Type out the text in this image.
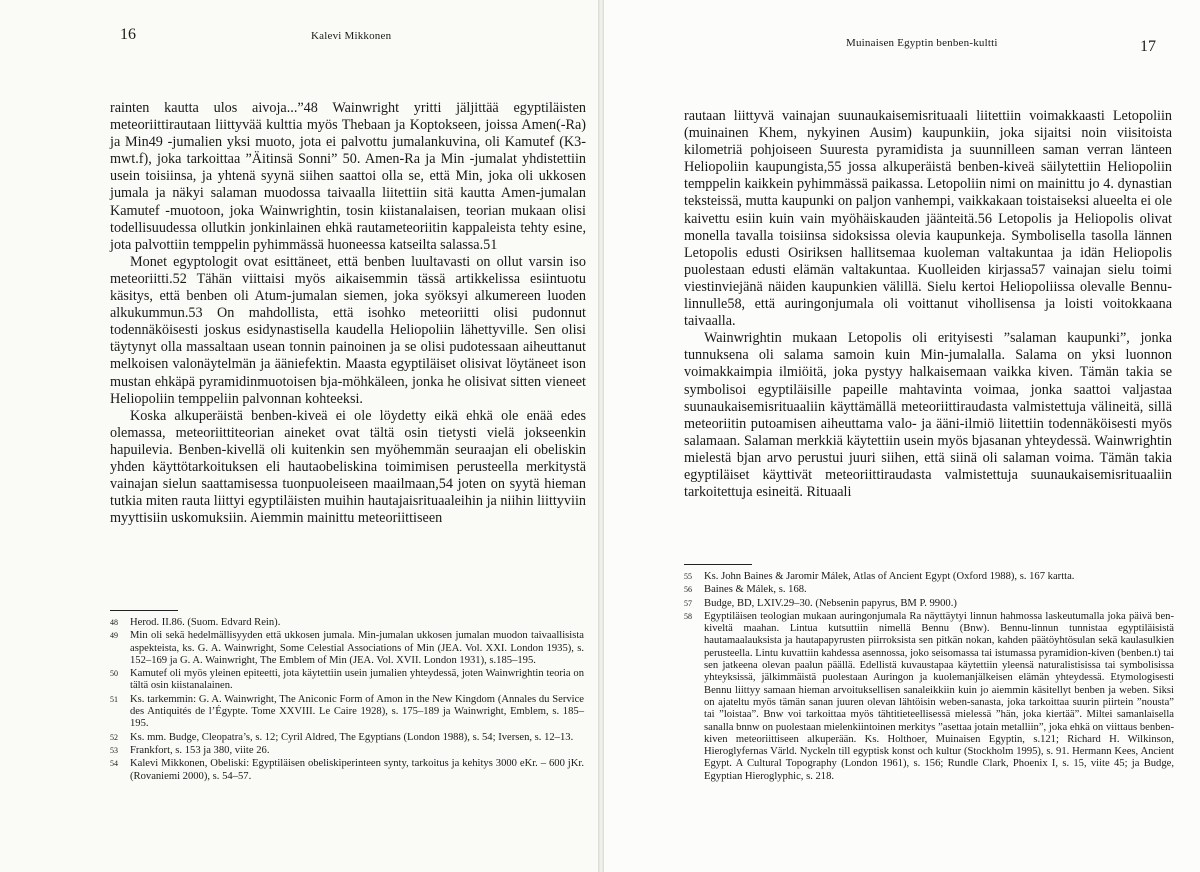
16	Kalevi Mikkonen

rainten kautta ulos aivoja...”48 Wainwright yritti jäljittää egyptiläisten meteoriittirautaan liittyvää kulttia myös Thebaan ja Koptokseen, joissa Amen(-Ra) ja Min49 -jumalien yksi muoto, jota ei palvottu jumalankuvina, oli Kamutef (K3-mwt.f), joka tarkoittaa ”Äitinsä Sonni” 50. Amen-Ra ja Min -jumalat yhdistettiin usein toisiinsa, ja yhtenä syynä siihen saattoi olla se, että Min, joka oli ukkosen jumala ja näkyi salaman muodossa taivaalla liitettiin sitä kautta Amen-jumalan Kamutef -muotoon, joka Wainwrightin, tosin kiistanalaisen, teorian mukaan olisi todellisuudessa ollutkin jonkinlainen ehkä rautameteoriitin kappaleista tehty esine, jota palvottiin temppelin pyhimmässä huoneessa katseilta salassa.51

Monet egyptologit ovat esittäneet, että benben luultavasti on ollut varsin iso meteoriitti.52 Tähän viittaisi myös aikaisemmin tässä artikkelissa esiintuotu käsitys, että benben oli Atum-jumalan siemen, joka syöksyi alkumereen luoden alkukummun.53 On mahdollista, että isohko meteoriitti olisi pudonnut todennäköisesti joskus esidynastisella kaudella Heliopoliin lähettyville. Sen olisi täytynyt olla massaltaan usean tonnin painoinen ja se olisi pudotessaan aiheuttanut melkoisen valonäytelmän ja ääniefektin. Maasta egyptiläiset olisivat löytäneet ison mustan ehkäpä pyramidinmuotoisen bja-möhkäleen, jonka he olisivat sitten vieneet Heliopoliin temppeliin palvonnan kohteeksi.

Koska alkuperäistä benben-kiveä ei ole löydetty eikä ehkä ole enää edes olemassa, meteoriittiteorian aineket ovat tältä osin tietysti vielä jokseenkin hapuilevia. Benben-kivellä oli kuitenkin sen myöhemmän seuraajan eli obeliskin yhden käyttötarkoituksen eli hautaobeliskina toimimisen perusteella merkitystä vainajan sielun saattamisessa tuonpuoleiseen maailmaan,54 joten on syytä hieman tutkia miten rauta liittyi egyptiläisten muihin hautajaisrituaaleihin ja niihin liittyviin myyttisiin uskomuksiin. Aiemmin mainittu meteoriittiseen

48 Herod. II.86. (Suom. Edvard Rein).
49 Min oli sekä hedelmällisyyden että ukkosen jumala. Min-jumalan ukkosen jumalan muodon taivaallisista aspekteista, ks. G. A. Wainwright, Some Celestial Associations of Min (JEA. Vol. XXI. London 1935), s. 152–169 ja G. A. Wainwright, The Emblem of Min (JEA. Vol. XVII. London 1931), s.185–195.
50 Kamutef oli myös yleinen epiteetti, jota käytettiin usein jumalien yhteydessä, joten Wainwrightin teoria on tältä osin kiistanalainen.
51 Ks. tarkemmin: G. A. Wainwright, The Aniconic Form of Amon in the New Kingdom (Annales du Service des Antiquités de l’Égypte. Tome XXVIII. Le Caire 1928), s. 175–189 ja Wainwright, Emblem, s. 185–195.
52 Ks. mm. Budge, Cleopatra’s, s. 12; Cyril Aldred, The Egyptians (London 1988), s. 54; Iversen, s. 12–13.
53 Frankfort, s. 153 ja 380, viite 26.
54 Kalevi Mikkonen, Obeliski: Egyptiläisen obeliskiperinteen synty, tarkoitus ja kehitys 3000 eKr. – 600 jKr. (Rovaniemi 2000), s. 54–57.
Muinaisen Egyptin benben-kultti	17

rautaan liittyvä vainajan suunaukaisemisrituaali liitettiin voimakkaasti Letopoliin (muinainen Khem, nykyinen Ausim) kaupunkiin, joka sijaitsi noin viisitoista kilometriä pohjoiseen Suuresta pyramidista ja suunnilleen saman verran länteen Heliopoliin kaupungista,55 jossa alkuperäistä benben-kiveä säilytettiin Heliopoliin temppelin kaikkein pyhimmässä paikassa. Letopoliin nimi on mainittu jo 4. dynastian teksteissä, mutta kaupunki on paljon vanhempi, vaikkakaan toistaiseksi alueelta ei ole kaivettu esiin kuin vain myöhäiskauden jäänteitä.56 Letopolis ja Heliopolis olivat monella tavalla toisiinsa sidoksissa olevia kaupunkeja. Symbolisella tasolla lännen Letopolis edusti Osiriksen hallitsemaa kuoleman valtakuntaa ja idän Heliopolis puolestaan edusti elämän valtakuntaa. Kuolleiden kirjassa57 vainajan sielu toimi viestinviejänä näiden kaupunkien välillä. Sielu kertoi Heliopoliissa olevalle Bennu-linnulle58, että auringonjumala oli voittanut vihollisensa ja loisti voitokkaana taivaalla.

Wainwrightin mukaan Letopolis oli erityisesti ”salaman kaupunki”, jonka tunnuksena oli salama samoin kuin Min-jumalalla. Salama on yksi luonnon voimakkaimpia ilmiöitä, joka pystyy halkaisemaan vaikka kiven. Tämän takia se symbolisoi egyptiläisille papeille mahtavinta voimaa, jonka saattoi valjastaa suunaukaisemisrituaaliin käyttämällä meteoriittiraudasta valmistettuja välineitä, sillä meteoriitin putoamisen aiheuttama valo- ja ääni-ilmiö liitettiin todennäköisesti myös salamaan. Salaman merkkiä käytettiin usein myös bjasanan yhteydessä. Wainwrightin mielestä bjan arvo perustui juuri siihen, että siinä oli salaman voima. Tämän takia egyptiläiset käyttivät meteoriittiraudasta valmistettuja suunaukaisemisrituaaliin tarkoitettuja esineitä. Rituaali

55 Ks. John Baines & Jaromir Málek, Atlas of Ancient Egypt (Oxford 1988), s. 167 kartta.
56 Baines & Málek, s. 168.
57 Budge, BD, LXIV.29–30. (Nebsenin papyrus, BM P. 9900.)
58 Egyptiläisen teologian mukaan auringonjumala Ra näyttäytyi linnun hahmossa laskeutumalla joka päivä ben-kiveltä maahan. Lintua kutsuttiin nimellä Bennu (Bnw). Bennu-linnun tunnistaa egyptiläisistä hautamaalauksista ja hautapapyrusten piirroksista sen pitkän nokan, kahden päätöyhtösulan sekä kaulasulkien perusteella. Lintu kuvattiin kahdessa asennossa, joko seisomassa tai istumassa pyramidion-kiven (benben.t) tai sen jatkeena olevan paalun päällä. Edellistä kuvaustapaa käytettiin yleensä naturalistisissa tai symbolisissa yhteyksissä, jälkimmäistä puolestaan Auringon ja kuolemanjälkeisen elämän yhteydessä. Etymologisesti Bennu liittyy samaan hieman arvoituksellisen sanaleikkiin kuin jo aiemmin käsitellyt benben ja weben. Siksi on ajateltu myös tämän sanan juuren olevan lähtöisin weben-sanasta, joka tarkoittaa suurin piirtein ”nousta” tai ”loistaa”. Bnw voi tarkoittaa myös tähtitieteellisessä mielessä ”hän, joka kiertää”. Miltei samanlaisella sanalla bnnw on puolestaan mielenkiintoinen merkitys ”asettaa jotain metalliin”, joka ehkä on viittaus benben-kiven meteoriittiseen alkuperään. Ks. Holthoer, Muinaisen Egyptin, s.121; Richard H. Wilkinson, Hieroglyfernas Värld. Nyckeln till egyptisk konst och kultur (Stockholm 1995), s. 91. Hermann Kees, Ancient Egypt. A Cultural Topography (London 1961), s. 156; Rundle Clark, Phoenix I, s. 15, viite 45; ja Budge, Egyptian Hieroglyphic, s. 218.
